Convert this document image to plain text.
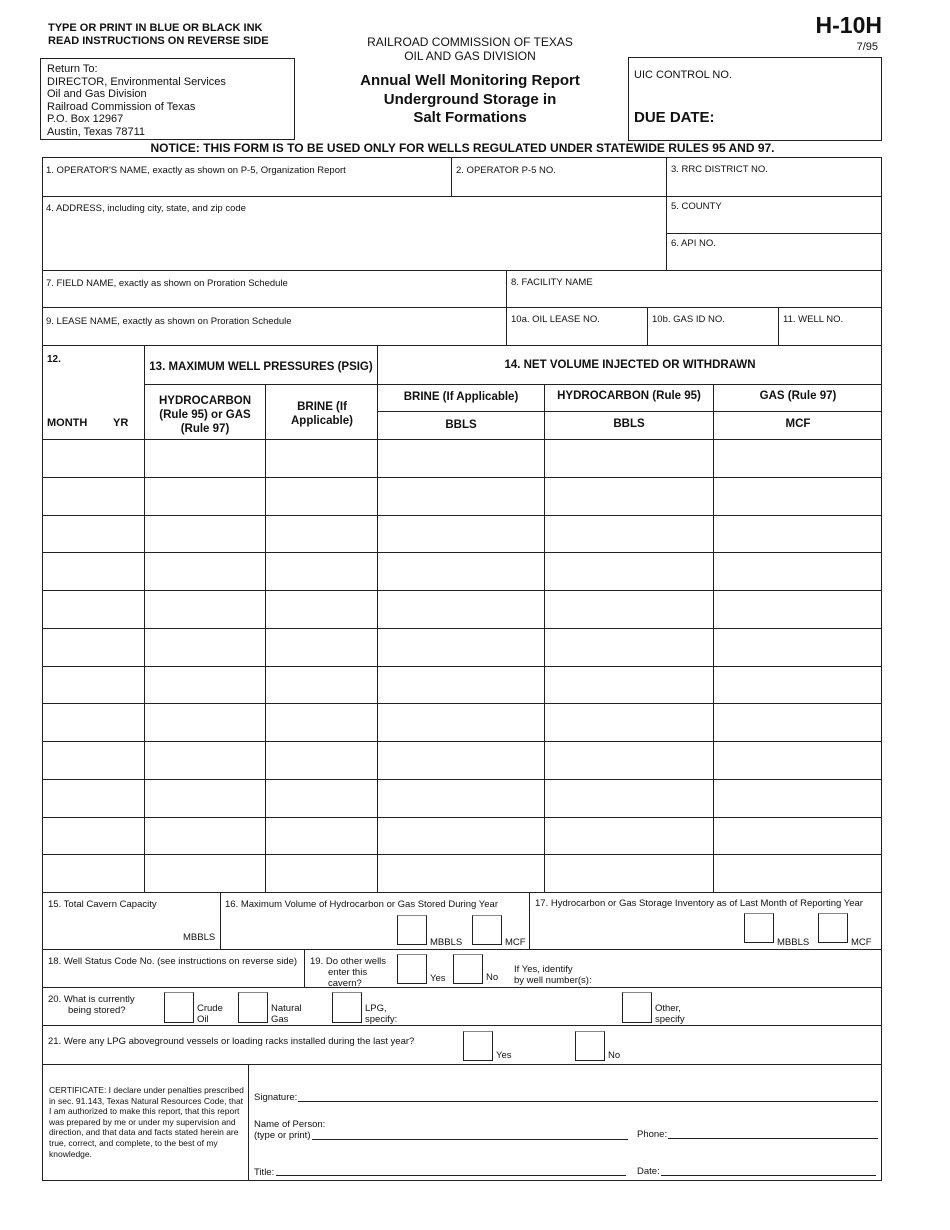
TYPE OR PRINT IN BLUE OR BLACK INK
READ INSTRUCTIONS ON REVERSE SIDE
Return To:
DIRECTOR, Environmental Services
Oil and Gas Division
Railroad Commission of Texas
P.O. Box 12967
Austin, Texas 78711
RAILROAD COMMISSION OF TEXAS
OIL AND GAS DIVISION
Annual Well Monitoring Report
Underground Storage in
Salt Formations
H-10H
7/95
UIC CONTROL NO.
DUE DATE:
NOTICE: THIS FORM IS TO BE USED ONLY FOR WELLS REGULATED UNDER STATEWIDE RULES 95 AND 97.
1. OPERATOR'S NAME, exactly as shown on P-5, Organization Report	2. OPERATOR P-5 NO.	3. RRC DISTRICT NO.
4. ADDRESS, including city, state, and zip code	5. COUNTY
6. API NO.
7. FIELD NAME, exactly as shown on Proration Schedule	8. FACILITY NAME
9. LEASE NAME, exactly as shown on Proration Schedule	10a. OIL LEASE NO.	10b. GAS ID NO.	11. WELL NO.
12.
MONTH YR
13. MAXIMUM WELL PRESSURES (PSIG)
HYDROCARBON (Rule 95) or GAS (Rule 97)
BRINE (If Applicable)
14. NET VOLUME INJECTED OR WITHDRAWN
BRINE (If Applicable)	HYDROCARBON (Rule 95)	GAS (Rule 97)
BBLS	BBLS	MCF
15. Total Cavern Capacity
MBBLS
16. Maximum Volume of Hydrocarbon or Gas Stored During Year
MBBLS	MCF
17. Hydrocarbon or Gas Storage Inventory as of Last Month of Reporting Year
MBBLS	MCF
18. Well Status Code No. (see instructions on reverse side) 19. Do other wells
enter this
cavern?	Yes	No
If Yes, identify
by well number(s):
20. What is currently
being stored?	Crude
Oil
Natural
Gas
LPG,
specify:
Other,
specify
21. Were any LPG aboveground vessels or loading racks installed during the last year?
Yes	No
CERTIFICATE: I declare under penalties prescribed in sec. 91.143, Texas Natural Resources Code, that I am authorized to make this report, that this report was prepared by me or under my supervision and direction, and that data and facts stated herein are true, correct, and complete, to the best of my knowledge.
Signature:
Name of Person:
(type or print)	Phone:
Title:	Date:
